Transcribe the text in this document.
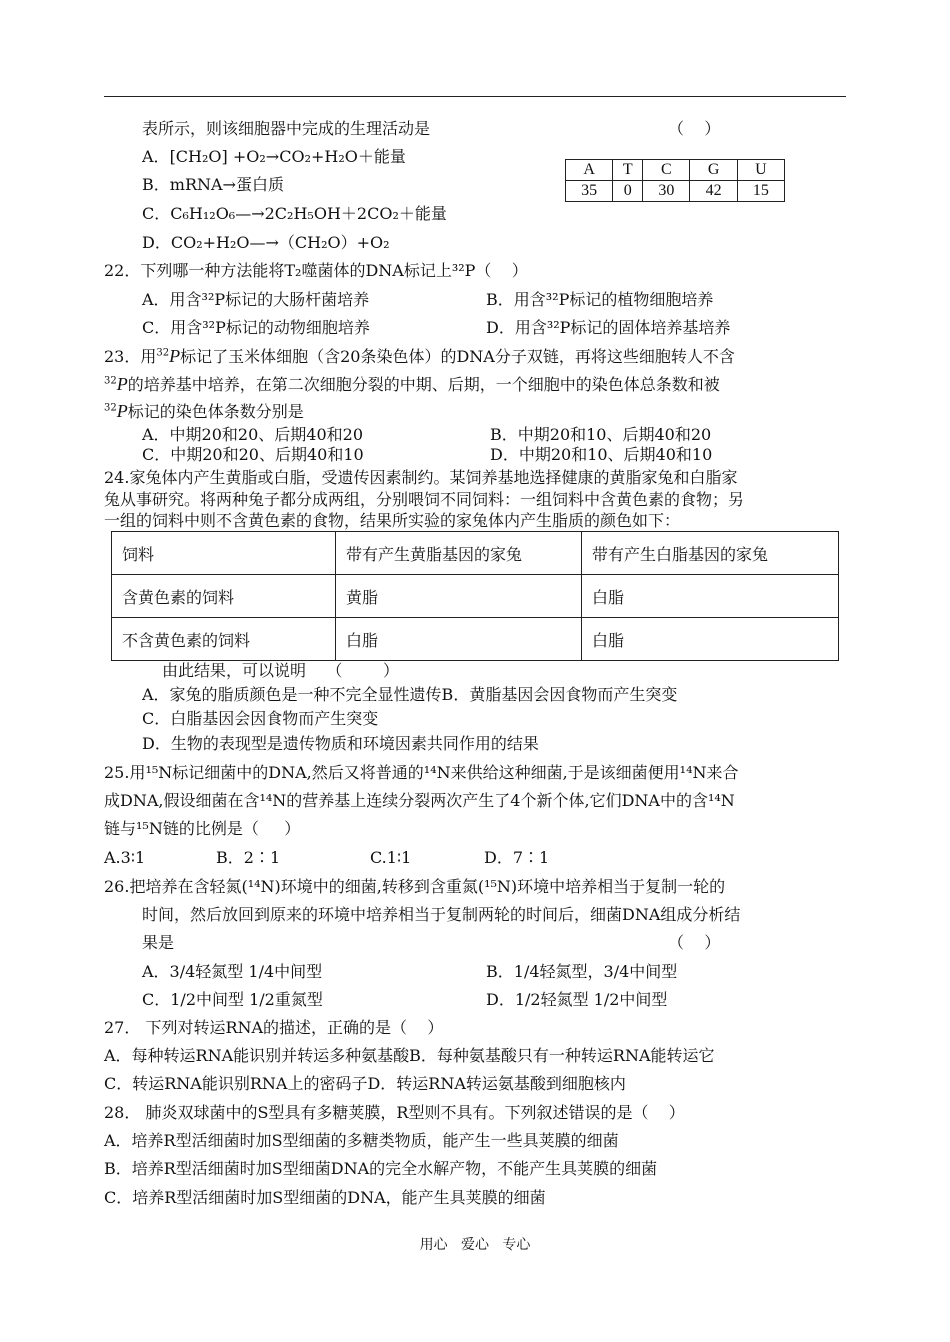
表所示，则该细胞器中完成的生理活动是	（    ）
A．[CH₂O] +O₂→CO₂+H₂O＋能量
B．mRNA→蛋白质
C．C₆H₁₂O₆—→2C₂H₅OH＋2CO₂＋能量
D．CO₂+H₂O—→（CH₂O）+O₂
A	T	C	G	U
35	0	30	42	15
22．下列哪一种方法能将T₂噬菌体的DNA标记上³²P（    ）
A．用含³²P标记的大肠杆菌培养	B．用含³²P标记的植物细胞培养
C．用含³²P标记的动物细胞培养	D．用含³²P标记的固体培养基培养
23．用$^{32}$P标记了玉米体细胞（含20条染色体）的DNA分子双链，再将这些细胞转人不含
$^{32}$P的培养基中培养，在第二次细胞分裂的中期、后期，一个细胞中的染色体总条数和被
$^{32}$P标记的染色体条数分别是
A．中期20和20、后期40和20	B．中期20和10、后期40和20
C．中期20和20、后期40和10	D．中期20和10、后期40和10
24.家兔体内产生黄脂或白脂，受遗传因素制约。某饲养基地选择健康的黄脂家兔和白脂家
兔从事研究。将两种兔子都分成两组，分别喂饲不同饲料：一组饲料中含黄色素的食物；另
一组的饲料中则不含黄色素的食物，结果所实验的家兔体内产生脂质的颜色如下：
饲料	带有产生黄脂基因的家兔	带有产生白脂基因的家兔
含黄色素的饲料	黄脂	白脂
不含黄色素的饲料	白脂	白脂
由此结果，可以说明    （        ）
A．家兔的脂质颜色是一种不完全显性遗传B．黄脂基因会因食物而产生突变
C．白脂基因会因食物而产生突变
D．生物的表现型是遗传物质和环境因素共同作用的结果
25.用¹⁵N标记细菌中的DNA,然后又将普通的¹⁴N来供给这种细菌,于是该细菌便用¹⁴N来合
成DNA,假设细菌在含¹⁴N的营养基上连续分裂两次产生了4个新个体,它们DNA中的含¹⁴N
链与¹⁵N链的比例是（     ）
A.3∶1	B．2∶1	C.1∶1	D．7∶1
26.把培养在含轻氮(¹⁴N)环境中的细菌,转移到含重氮(¹⁵N)环境中培养相当于复制一轮的
时间，然后放回到原来的环境中培养相当于复制两轮的时间后，细菌DNA组成分析结
果是	（    ）
A．3/4轻氮型 1/4中间型	B．1/4轻氮型，3/4中间型
C．1/2中间型 1/2重氮型	D．1/2轻氮型 1/2中间型
27． 下列对转运RNA的描述，正确的是（    ）
A．每种转运RNA能识别并转运多种氨基酸B．每种氨基酸只有一种转运RNA能转运它
C．转运RNA能识别RNA上的密码子D．转运RNA转运氨基酸到细胞核内
28． 肺炎双球菌中的S型具有多糖荚膜，R型则不具有。下列叙述错误的是（    ）
A．培养R型活细菌时加S型细菌的多糖类物质，能产生一些具荚膜的细菌
B．培养R型活细菌时加S型细菌DNA的完全水解产物，不能产生具荚膜的细菌
C．培养R型活细菌时加S型细菌的DNA，能产生具荚膜的细菌
用心   爱心   专心
